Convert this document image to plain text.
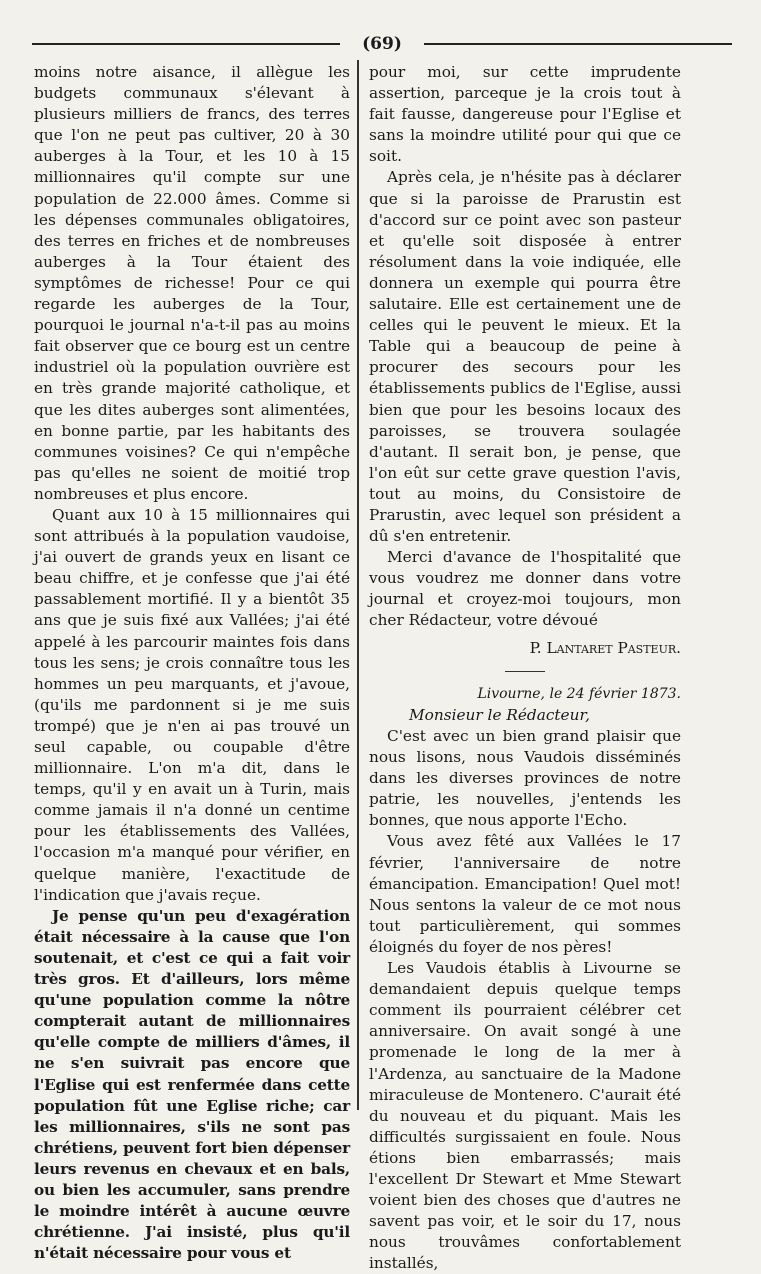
(69)

moins notre aisance, il allègue les budgets communaux s'élevant à plusieurs milliers de francs, des terres que l'on ne peut pas cultiver, 20 à 30 auberges à la Tour, et les 10 à 15 millionnaires qu'il compte sur une population de 22.000 âmes. Comme si les dépenses communales obligatoires, des terres en friches et de nombreuses auberges à la Tour étaient des symptômes de richesse! Pour ce qui regarde les auberges de la Tour, pourquoi le journal n'a-t-il pas au moins fait observer que ce bourg est un centre industriel où la population ouvrière est en très grande majorité catholique, et que les dites auberges sont alimentées, en bonne partie, par les habitants des communes voisines? Ce qui n'empêche pas qu'elles ne soient de moitié trop nombreuses et plus encore.

Quant aux 10 à 15 millionnaires qui sont attribués à la population vaudoise, j'ai ouvert de grands yeux en lisant ce beau chiffre, et je confesse que j'ai été passablement mortifié. Il y a bientôt 35 ans que je suis fixé aux Vallées; j'ai été appelé à les parcourir maintes fois dans tous les sens; je crois connaître tous les hommes un peu marquants, et j'avoue, (qu'ils me pardonnent si je me suis trompé) que je n'en ai pas trouvé un seul capable, ou coupable d'être millionnaire. L'on m'a dit, dans le temps, qu'il y en avait un à Turin, mais comme jamais il n'a donné un centime pour les établissements des Vallées, l'occasion m'a manqué pour vérifier, en quelque manière, l'exactitude de l'indication que j'avais reçue.

Je pense qu'un peu d'exagération était nécessaire à la cause que l'on soutenait, et c'est ce qui a fait voir très gros. Et d'ailleurs, lors même qu'une population comme la nôtre compterait autant de millionnaires qu'elle compte de milliers d'âmes, il ne s'en suivrait pas encore que l'Eglise qui est renfermée dans cette population fût une Eglise riche; car les millionnaires, s'ils ne sont pas chrétiens, peuvent fort bien dépenser leurs revenus en chevaux et en bals, ou bien les accumuler, sans prendre le moindre intérêt à aucune œuvre chrétienne. J'ai insisté, plus qu'il n'était nécessaire pour vous et

pour moi, sur cette imprudente assertion, parceque je la crois tout à fait fausse, dangereuse pour l'Eglise et sans la moindre utilité pour qui que ce soit.

Après cela, je n'hésite pas à déclarer que si la paroisse de Prarustin est d'accord sur ce point avec son pasteur et qu'elle soit disposée à entrer résolument dans la voie indiquée, elle donnera un exemple qui pourra être salutaire. Elle est certainement une de celles qui le peuvent le mieux. Et la Table qui a beaucoup de peine à procurer des secours pour les établissements publics de l'Eglise, aussi bien que pour les besoins locaux des paroisses, se trouvera soulagée d'autant. Il serait bon, je pense, que l'on eût sur cette grave question l'avis, tout au moins, du Consistoire de Prarustin, avec lequel son président a dû s'en entretenir.

Merci d'avance de l'hospitalité que vous voudrez me donner dans votre journal et croyez-moi toujours, mon cher Rédacteur, votre dévoué

P. Lantaret Pasteur.

Livourne, le 24 février 1873.

Monsieur le Rédacteur,

C'est avec un bien grand plaisir que nous lisons, nous Vaudois disséminés dans les diverses provinces de notre patrie, les nouvelles, j'entends les bonnes, que nous apporte l'Echo.

Vous avez fêté aux Vallées le 17 février, l'anniversaire de notre émancipation. Emancipation! Quel mot! Nous sentons la valeur de ce mot nous tout particulièrement, qui sommes éloignés du foyer de nos pères!

Les Vaudois établis à Livourne se demandaient depuis quelque temps comment ils pourraient célébrer cet anniversaire. On avait songé à une promenade le long de la mer à l'Ardenza, au sanctuaire de la Madone miraculeuse de Montenero. C'aurait été du nouveau et du piquant. Mais les difficultés surgissaient en foule. Nous étions bien embarrassés; mais l'excellent Dr Stewart et Mme Stewart voient bien des choses que d'autres ne savent pas voir, et le soir du 17, nous nous trouvâmes confortablement installés,
